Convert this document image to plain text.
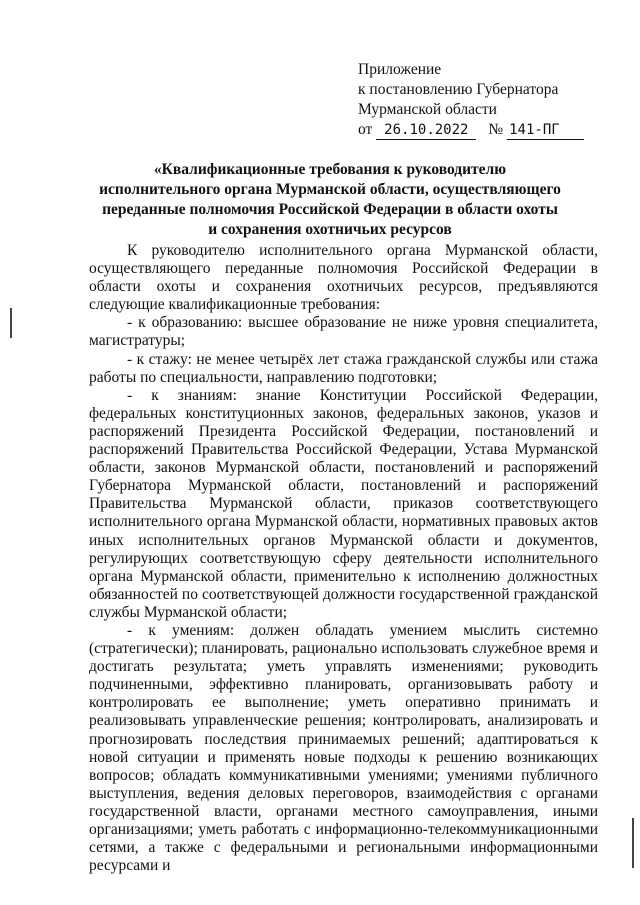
Приложение
к постановлению Губернатора
Мурманской области
от 26.10.2022 № 141-ПГ
«Квалификационные требования к руководителю
исполнительного органа Мурманской области, осуществляющего
переданные полномочия Российской Федерации в области охоты
и сохранения охотничьих ресурсов

К руководителю исполнительного органа Мурманской области, осуществляющего переданные полномочия Российской Федерации в области охоты и сохранения охотничьих ресурсов, предъявляются следующие квалификационные требования:

- к образованию: высшее образование не ниже уровня специалитета, магистратуры;

- к стажу: не менее четырёх лет стажа гражданской службы или стажа работы по специальности, направлению подготовки;

- к знаниям: знание Конституции Российской Федерации, федеральных конституционных законов, федеральных законов, указов и распоряжений Президента Российской Федерации, постановлений и распоряжений Правительства Российской Федерации, Устава Мурманской области, законов Мурманской области, постановлений и распоряжений Губернатора Мурманской области, постановлений и распоряжений Правительства Мурманской области, приказов соответствующего исполнительного органа Мурманской области, нормативных правовых актов иных исполнительных органов Мурманской области и документов, регулирующих соответствующую сферу деятельности исполнительного органа Мурманской области, применительно к исполнению должностных обязанностей по соответствующей должности государственной гражданской службы Мурманской области;

- к умениям: должен обладать умением мыслить системно (стратегически); планировать, рационально использовать служебное время и достигать результата; уметь управлять изменениями; руководить подчиненными, эффективно планировать, организовывать работу и контролировать ее выполнение; уметь оперативно принимать и реализовывать управленческие решения; контролировать, анализировать и прогнозировать последствия принимаемых решений; адаптироваться к новой ситуации и применять новые подходы к решению возникающих вопросов; обладать коммуникативными умениями; умениями публичного выступления, ведения деловых переговоров, взаимодействия с органами государственной власти, органами местного самоуправления, иными организациями; уметь работать с информационно-телекоммуникационными сетями, а также с федеральными и региональными информационными ресурсами и
